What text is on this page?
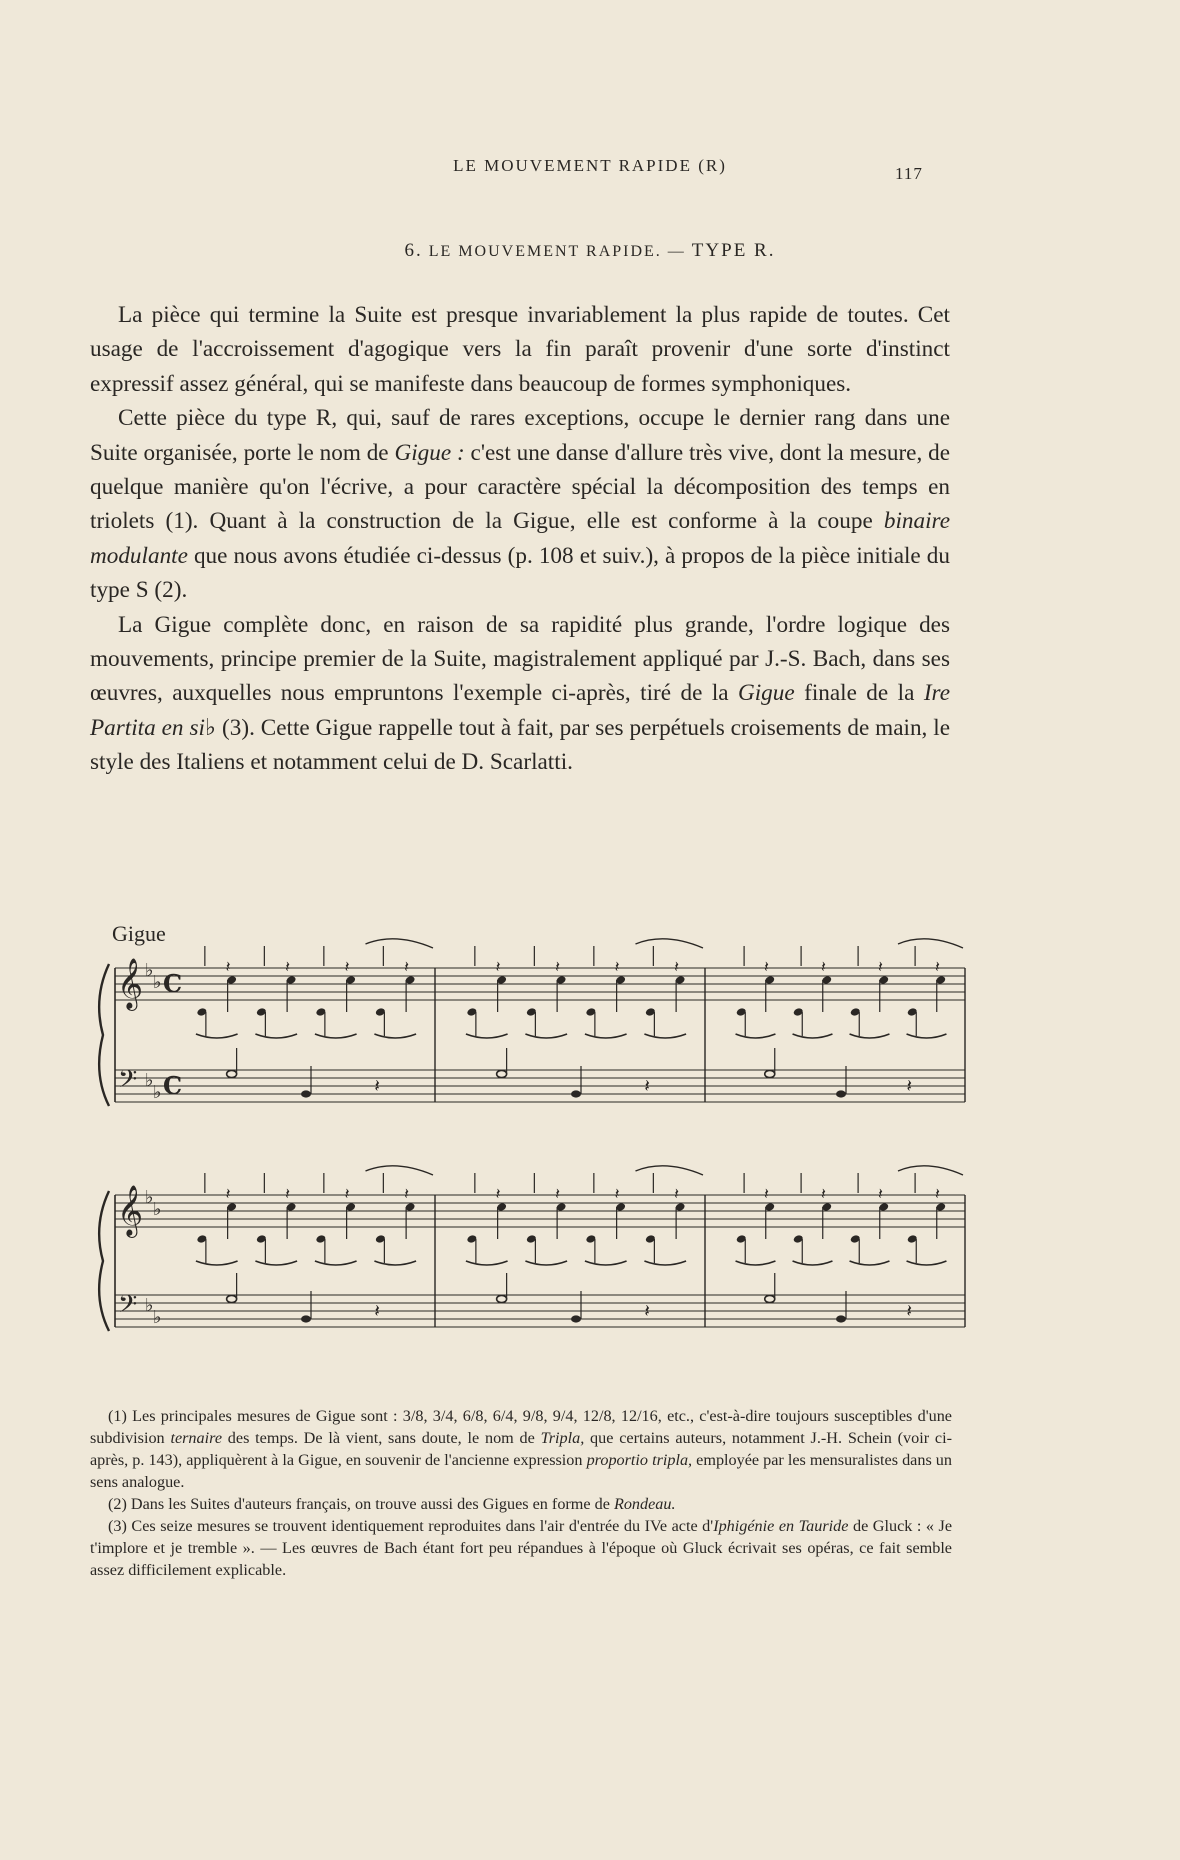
LE MOUVEMENT RAPIDE (R)	117
6. LE MOUVEMENT RAPIDE. — TYPE R.

La pièce qui termine la Suite est presque invariablement la plus rapide de toutes. Cet usage de l'accroissement d'agogique vers la fin paraît provenir d'une sorte d'instinct expressif assez général, qui se manifeste dans beaucoup de formes symphoniques.

Cette pièce du type R, qui, sauf de rares exceptions, occupe le dernier rang dans une Suite organisée, porte le nom de Gigue : c'est une danse d'allure très vive, dont la mesure, de quelque manière qu'on l'écrive, a pour caractère spécial la décomposition des temps en triolets (1). Quant à la construction de la Gigue, elle est conforme à la coupe binaire modulante que nous avons étudiée ci-dessus (p. 108 et suiv.), à propos de la pièce initiale du type S (2).

La Gigue complète donc, en raison de sa rapidité plus grande, l'ordre logique des mouvements, principe premier de la Suite, magistralement appliqué par J.-S. Bach, dans ses œuvres, auxquelles nous empruntons l'exemple ci-après, tiré de la Gigue finale de la Ire Partita en si♭ (3). Cette Gigue rappelle tout à fait, par ses perpétuels croisements de main, le style des Italiens et notamment celui de D. Scarlatti.

Gigue
𝄞
𝄢
♭
♭
♭
♭
C
C
𝄽	𝄽	𝄽	𝄽
𝄽
𝄽	𝄽	𝄽	𝄽
𝄽
𝄽	𝄽	𝄽	𝄽
𝄽
𝄞
𝄢
♭
♭
♭
♭
𝄽	𝄽	𝄽	𝄽
𝄽
𝄽	𝄽	𝄽	𝄽
𝄽
𝄽	𝄽	𝄽	𝄽
𝄽

(1) Les principales mesures de Gigue sont : 3/8, 3/4, 6/8, 6/4, 9/8, 9/4, 12/8, 12/16, etc., c'est-à-dire toujours susceptibles d'une subdivision ternaire des temps. De là vient, sans doute, le nom de Tripla, que certains auteurs, notamment J.-H. Schein (voir ci-après, p. 143), appliquèrent à la Gigue, en souvenir de l'ancienne expression proportio tripla, employée par les mensuralistes dans un sens analogue.

(2) Dans les Suites d'auteurs français, on trouve aussi des Gigues en forme de Rondeau.

(3) Ces seize mesures se trouvent identiquement reproduites dans l'air d'entrée du IVe acte d'Iphigénie en Tauride de Gluck : « Je t'implore et je tremble ». — Les œuvres de Bach étant fort peu répandues à l'époque où Gluck écrivait ses opéras, ce fait semble assez difficilement explicable.
